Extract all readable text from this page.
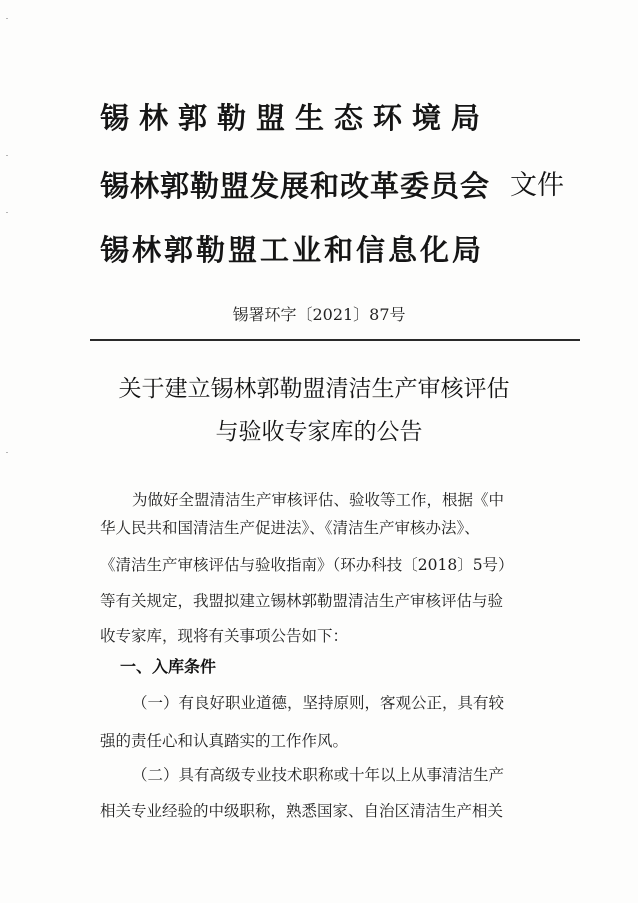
锡林郭勒盟生态环境局
锡林郭勒盟发展和改革委员会 文件
锡林郭勒盟工业和信息化局
锡署环字〔2021〕87号
关于建立锡林郭勒盟清洁生产审核评估
与验收专家库的公告
为做好全盟清洁生产审核评估、验收等工作，根据《中
华人民共和国清洁生产促进法》、《清洁生产审核办法》、
《清洁生产审核评估与验收指南》（环办科技〔2018〕5号）
等有关规定，我盟拟建立锡林郭勒盟清洁生产审核评估与验
收专家库，现将有关事项公告如下：
一、入库条件
（一）有良好职业道德，坚持原则，客观公正，具有较
强的责任心和认真踏实的工作作风。
（二）具有高级专业技术职称或十年以上从事清洁生产
相关专业经验的中级职称，熟悉国家、自治区清洁生产相关
